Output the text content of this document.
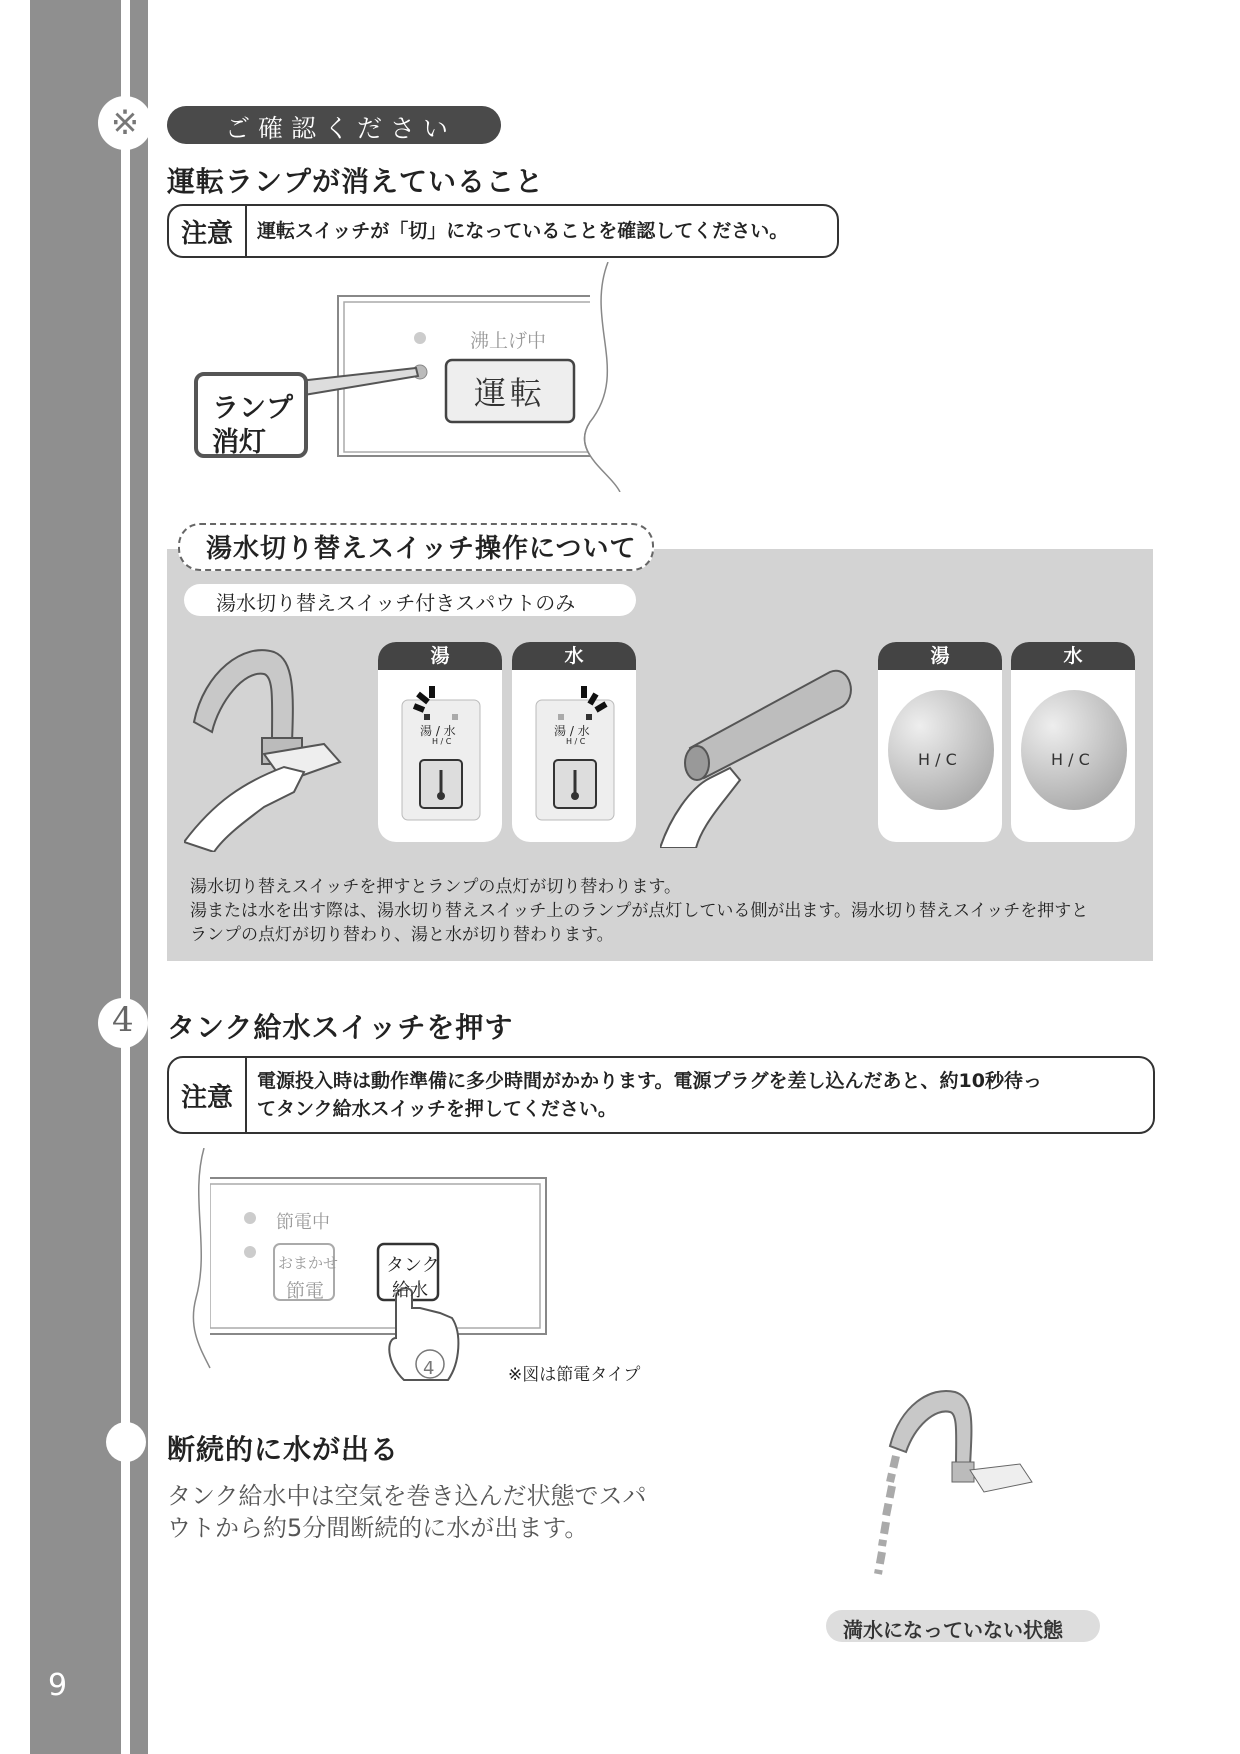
9
※	ご確認ください
運転ランプが消えていること
注意	運転スイッチが「切」になっていることを確認してください。
沸上げ中
運転
ランプ
消灯
湯水切り替えスイッチ操作について
湯水切り替えスイッチ付きスパウトのみ
湯	水	湯	水
湯 / 水
H / C
湯 / 水
H / C
H / C	H / C
湯水切り替えスイッチを押すとランプの点灯が切り替わります。
湯または水を出す際は、湯水切り替えスイッチ上のランプが点灯している側が出ます。湯水切り替えスイッチを押すと
ランプの点灯が切り替わり、湯と水が切り替わります。
4 タンク給水スイッチを押す
注意
電源投入時は動作準備に多少時間がかかります。電源プラグを差し込んだあと、約10秒待っ
てタンク給水スイッチを押してください。
節電中
おまかせ
節電
タンク
給水
4	※図は節電タイプ
断続的に水が出る
タンク給水中は空気を巻き込んだ状態でスパ
ウトから約5分間断続的に水が出ます。
満水になっていない状態
